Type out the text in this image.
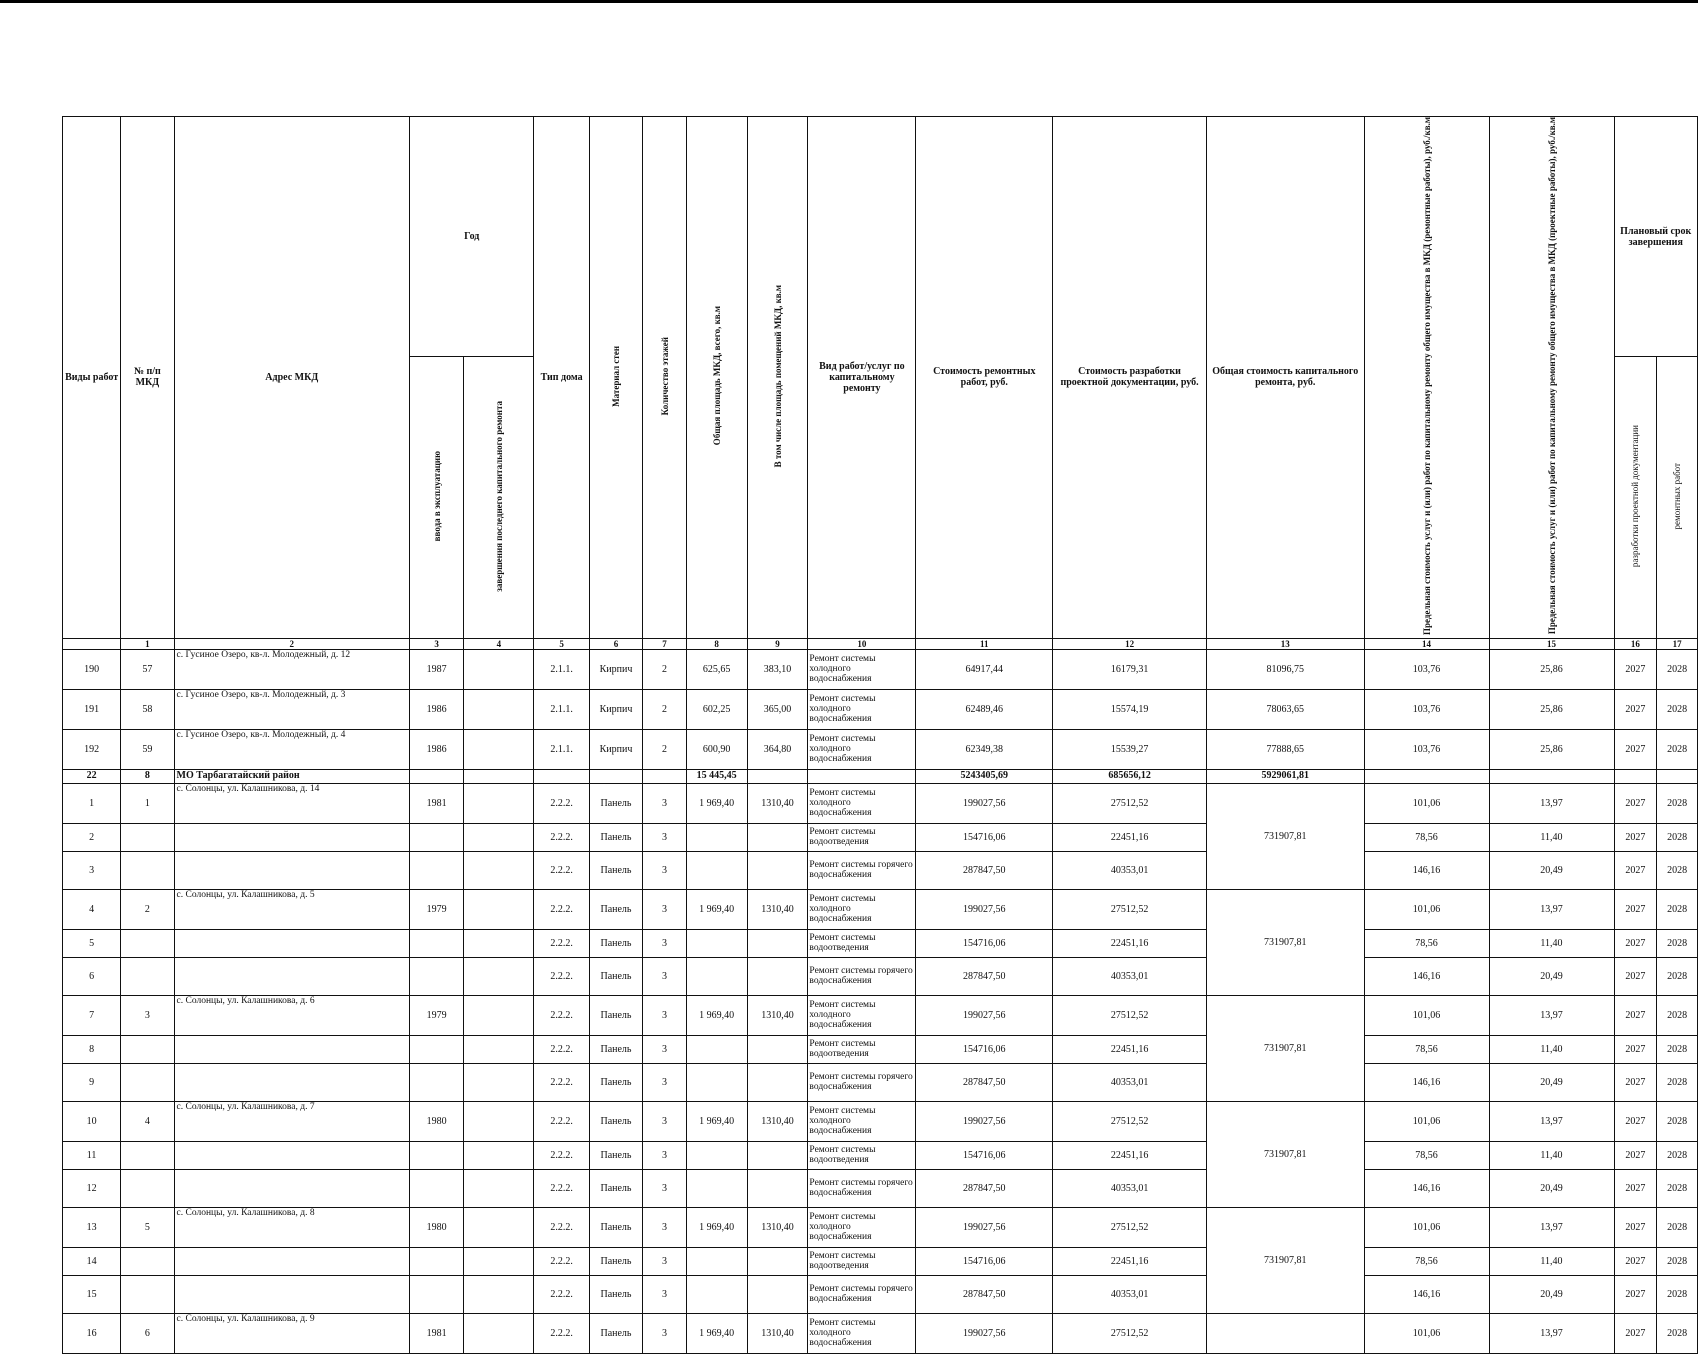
Виды работ	№ п/п МКД	Адрес МКД	Год		Тип дома	Материал стен	Количество этажей	Общая площадь МКД, всего, кв.м	В том числе площадь помещений МКД, кв.м	Вид работ/услуг по капитальному ремонту	Стоимость ремонтных работ, руб.	Стоимость разработки проектной документации, руб.	Общая стоимость капитального ремонта, руб.	Предельная стоимость услуг и (или) работ по капитальному ремонту общего имущества в МКД (ремонтные работы), руб./кв.м	Предельная стоимость услуг и (или) работ по капитальному ремонту общего имущества в МКД (проектные работы), руб./кв.м	Плановый срок завершения	
			ввода в эксплуатацию	завершения последнего капитального ремонта												разработки проектной документации	ремонтных работ
	1	2	3	4	5	6	7	8	9	10	11	12	13	14	15	16	17
190	57	с. Гусиное Озеро, кв-л. Молодежный, д. 12	1987		2.1.1.	Кирпич	2	625,65	383,10	Ремонт системы холодного водоснабжения	64917,44	16179,31	81096,75	103,76	25,86	2027	2028
191	58	с. Гусиное Озеро, кв-л. Молодежный, д. 3	1986		2.1.1.	Кирпич	2	602,25	365,00	Ремонт системы холодного водоснабжения	62489,46	15574,19	78063,65	103,76	25,86	2027	2028
192	59	с. Гусиное Озеро, кв-л. Молодежный, д. 4	1986		2.1.1.	Кирпич	2	600,90	364,80	Ремонт системы холодного водоснабжения	62349,38	15539,27	77888,65	103,76	25,86	2027	2028
22	8	МО Тарбагатайский район						15 445,45			5243405,69	685656,12	5929061,81				
1	1	с. Солонцы, ул. Калашникова, д. 14	1981		2.2.2.	Панель	3	1 969,40	1310,40	Ремонт системы холодного водоснабжения	199027,56	27512,52	731907,81	101,06	13,97	2027	2028
2					2.2.2.	Панель	3			Ремонт системы водоотведения	154716,06	22451,16		78,56	11,40	2027	2028
3					2.2.2.	Панель	3			Ремонт системы горячего водоснабжения	287847,50	40353,01		146,16	20,49	2027	2028
4	2	с. Солонцы, ул. Калашникова, д. 5	1979		2.2.2.	Панель	3	1 969,40	1310,40	Ремонт системы холодного водоснабжения	199027,56	27512,52	731907,81	101,06	13,97	2027	2028
5					2.2.2.	Панель	3			Ремонт системы водоотведения	154716,06	22451,16		78,56	11,40	2027	2028
6					2.2.2.	Панель	3			Ремонт системы горячего водоснабжения	287847,50	40353,01		146,16	20,49	2027	2028
7	3	с. Солонцы, ул. Калашникова, д. 6	1979		2.2.2.	Панель	3	1 969,40	1310,40	Ремонт системы холодного водоснабжения	199027,56	27512,52	731907,81	101,06	13,97	2027	2028
8					2.2.2.	Панель	3			Ремонт системы водоотведения	154716,06	22451,16		78,56	11,40	2027	2028
9					2.2.2.	Панель	3			Ремонт системы горячего водоснабжения	287847,50	40353,01		146,16	20,49	2027	2028
10	4	с. Солонцы, ул. Калашникова, д. 7	1980		2.2.2.	Панель	3	1 969,40	1310,40	Ремонт системы холодного водоснабжения	199027,56	27512,52	731907,81	101,06	13,97	2027	2028
11					2.2.2.	Панель	3			Ремонт системы водоотведения	154716,06	22451,16		78,56	11,40	2027	2028
12					2.2.2.	Панель	3			Ремонт системы горячего водоснабжения	287847,50	40353,01		146,16	20,49	2027	2028
13	5	с. Солонцы, ул. Калашникова, д. 8	1980		2.2.2.	Панель	3	1 969,40	1310,40	Ремонт системы холодного водоснабжения	199027,56	27512,52	731907,81	101,06	13,97	2027	2028
14					2.2.2.	Панель	3			Ремонт системы водоотведения	154716,06	22451,16		78,56	11,40	2027	2028
15					2.2.2.	Панель	3			Ремонт системы горячего водоснабжения	287847,50	40353,01		146,16	20,49	2027	2028
16	6	с. Солонцы, ул. Калашникова, д. 9	1981		2.2.2.	Панель	3	1 969,40	1310,40	Ремонт системы холодного водоснабжения	199027,56	27512,52		101,06	13,97	2027	2028
